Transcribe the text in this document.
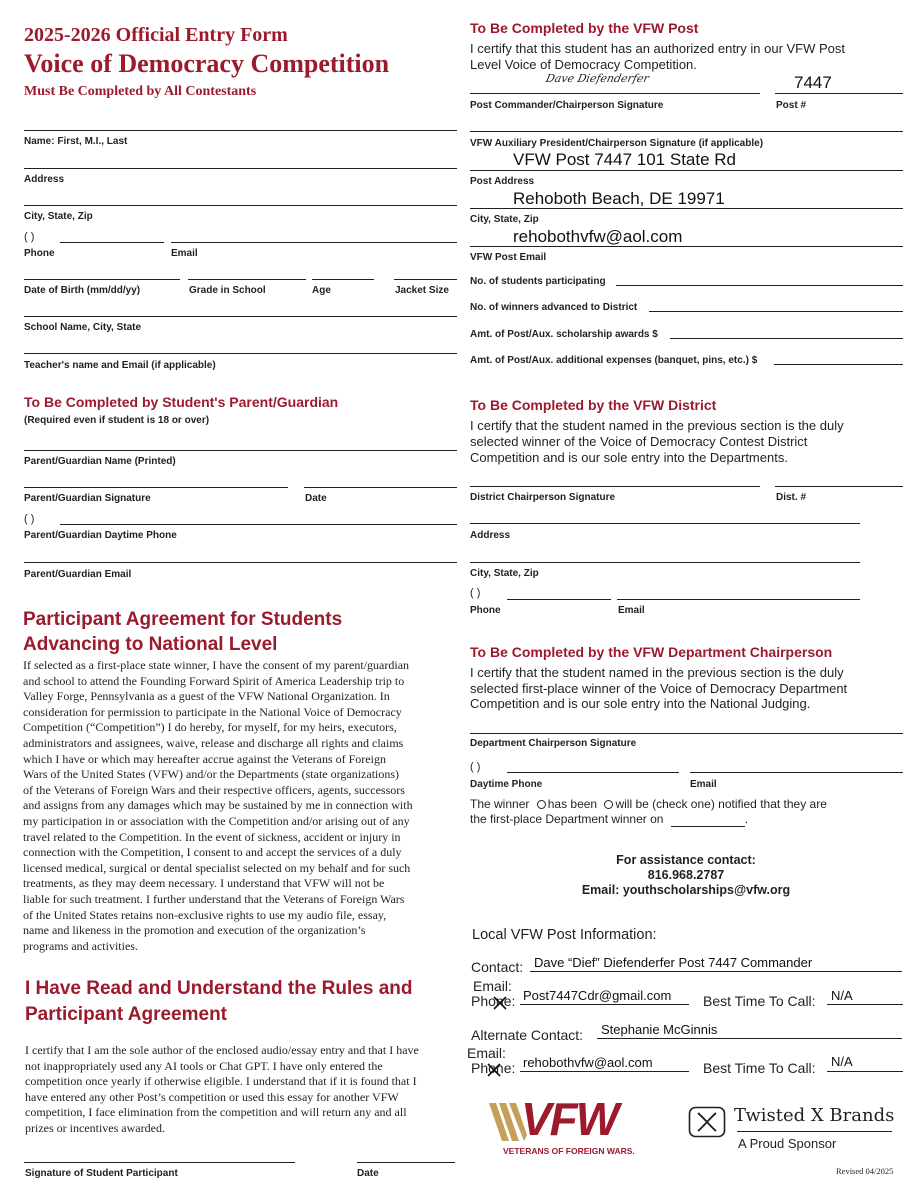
2025-2026 Official Entry Form
Voice of Democracy Competition
Must Be Completed by All Contestants
Name: First, M.I., Last
Address
City, State, Zip
( )
Phone	Email
Date of Birth (mm/dd/yy)	Grade in School	Age	Jacket Size
School Name, City, State
Teacher's name and Email (if applicable)
To Be Completed by Student's Parent/Guardian
(Required even if student is 18 or over)
Parent/Guardian Name (Printed)
Parent/Guardian Signature	Date
( )
Parent/Guardian Daytime Phone
Parent/Guardian Email
Participant Agreement for Students
Advancing to National Level
If selected as a first-place state winner, I have the consent of my parent/guardian
and school to attend the Founding Forward Spirit of America Leadership trip to
Valley Forge, Pennsylvania as a guest of the VFW National Organization. In
consideration for permission to participate in the National Voice of Democracy
Competition (“Competition”) I do hereby, for myself, for my heirs, executors,
administrators and assignees, waive, release and discharge all rights and claims
which I have or which may hereafter accrue against the Veterans of Foreign
Wars of the United States (VFW) and/or the Departments (state organizations)
of the Veterans of Foreign Wars and their respective officers, agents, successors
and assigns from any damages which may be sustained by me in connection with
my participation in or association with the Competition and/or arising out of any
travel related to the Competition. In the event of sickness, accident or injury in
connection with the Competition, I consent to and accept the services of a duly
licensed medical, surgical or dental specialist selected on my behalf and for such
treatments, as they may deem necessary. I understand that VFW will not be
liable for such treatment. I further understand that the Veterans of Foreign Wars
of the United States retains non-exclusive rights to use my audio file, essay,
name and likeness in the promotion and execution of the organization’s
programs and activities.
I Have Read and Understand the Rules and
Participant Agreement
I certify that I am the sole author of the enclosed audio/essay entry and that I have
not inappropriately used any AI tools or Chat GPT. I have only entered the
competition once yearly if otherwise eligible. I understand that if it is found that I
have entered any other Post’s competition or used this essay for another VFW
competition, I face elimination from the competition and will return any and all
prizes or incentives awarded.
Signature of Student Participant	Date
To Be Completed by the VFW Post
I certify that this student has an authorized entry in our VFW Post
Level Voice of Democracy Competition.
Dave Diefenderfer	7447
Post Commander/Chairperson Signature	Post #
VFW Auxiliary President/Chairperson Signature (if applicable)
VFW Post 7447 101 State Rd
Post Address
Rehoboth Beach, DE 19971
City, State, Zip
rehobothvfw@aol.com
VFW Post Email
No. of students participating
No. of winners advanced to District
Amt. of Post/Aux. scholarship awards $
Amt. of Post/Aux. additional expenses (banquet, pins, etc.) $
To Be Completed by the VFW District
I certify that the student named in the previous section is the duly
selected winner of the Voice of Democracy Contest District
Competition and is our sole entry into the Departments.
District Chairperson Signature	Dist. #
Address
City, State, Zip
( )
Phone	Email
To Be Completed by the VFW Department Chairperson
I certify that the student named in the previous section is the duly
selected first-place winner of the Voice of Democracy Department
Competition and is our sole entry into the National Judging.
Department Chairperson Signature
( )
Daytime Phone	Email
The winner has been will be (check one) notified that they are
the first-place Department winner on	.
For assistance contact:
816.968.2787
Email: youthscholarships@vfw.org
Local VFW Post Information:
Contact: Dave “Dief” Diefenderfer Post 7447 Commander
Email:
Phone: Post7447Cdr@gmail.com Best Time To Call: N/A
Alternate Contact: Stephanie McGinnis
Email:
Phone: rehobothvfw@aol.com	Best Time To Call: N/A
VFW
VETERANS OF FOREIGN WARS.
Twisted X Brands
A Proud Sponsor
Revised 04/2025
